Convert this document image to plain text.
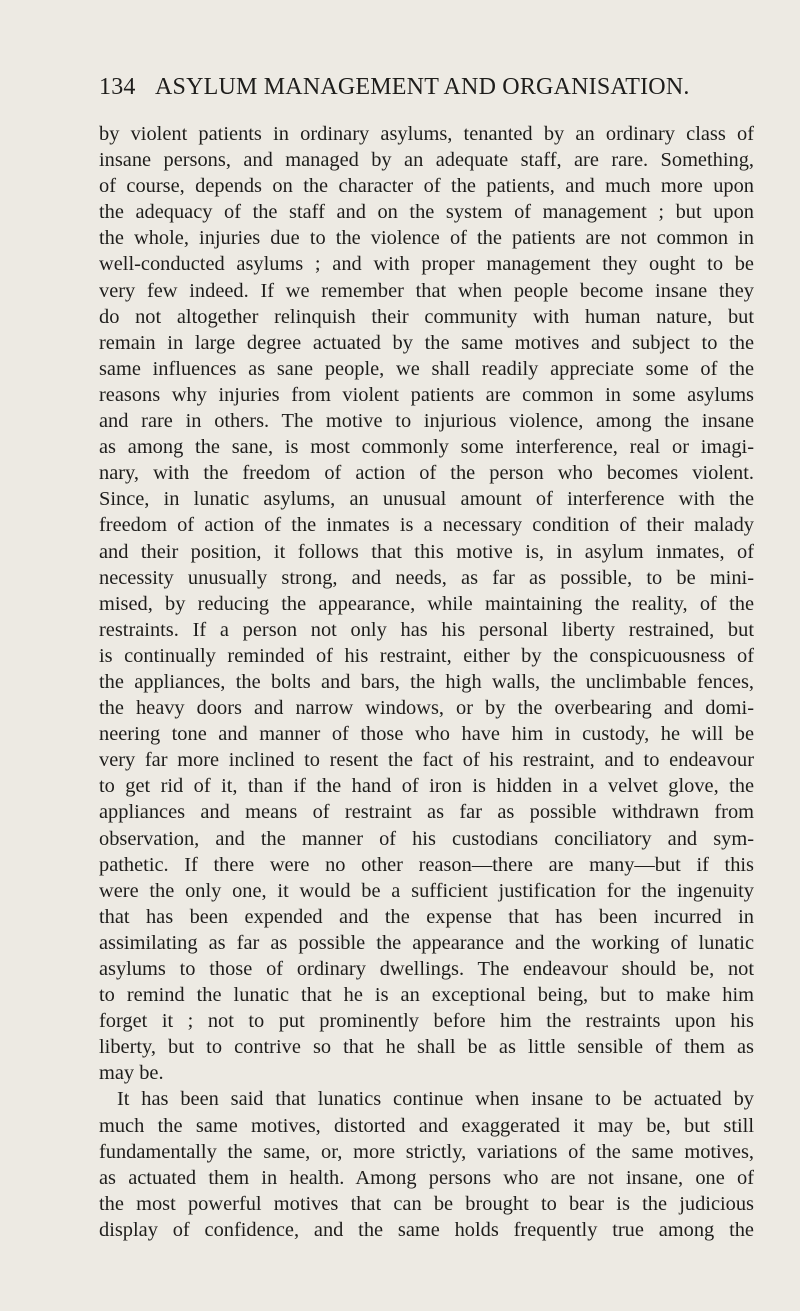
134 ASYLUM MANAGEMENT AND ORGANISATION.
by violent patients in ordinary asylums, tenanted by an ordinary class of
insane persons, and managed by an adequate staff, are rare. Something,
of course, depends on the character of the patients, and much more upon
the adequacy of the staff and on the system of management ; but upon
the whole, injuries due to the violence of the patients are not common in
well-conducted asylums ; and with proper management they ought to be
very few indeed. If we remember that when people become insane they
do not altogether relinquish their community with human nature, but
remain in large degree actuated by the same motives and subject to the
same influences as sane people, we shall readily appreciate some of the
reasons why injuries from violent patients are common in some asylums
and rare in others. The motive to injurious violence, among the insane
as among the sane, is most commonly some interference, real or imagi-
nary, with the freedom of action of the person who becomes violent.
Since, in lunatic asylums, an unusual amount of interference with the
freedom of action of the inmates is a necessary condition of their malady
and their position, it follows that this motive is, in asylum inmates, of
necessity unusually strong, and needs, as far as possible, to be mini-
mised, by reducing the appearance, while maintaining the reality, of the
restraints. If a person not only has his personal liberty restrained, but
is continually reminded of his restraint, either by the conspicuousness of
the appliances, the bolts and bars, the high walls, the unclimbable fences,
the heavy doors and narrow windows, or by the overbearing and domi-
neering tone and manner of those who have him in custody, he will be
very far more inclined to resent the fact of his restraint, and to endeavour
to get rid of it, than if the hand of iron is hidden in a velvet glove, the
appliances and means of restraint as far as possible withdrawn from
observation, and the manner of his custodians conciliatory and sym-
pathetic. If there were no other reason—there are many—but if this
were the only one, it would be a sufficient justification for the ingenuity
that has been expended and the expense that has been incurred in
assimilating as far as possible the appearance and the working of lunatic
asylums to those of ordinary dwellings. The endeavour should be, not
to remind the lunatic that he is an exceptional being, but to make him
forget it ; not to put prominently before him the restraints upon his
liberty, but to contrive so that he shall be as little sensible of them as
may be.
It has been said that lunatics continue when insane to be actuated by
much the same motives, distorted and exaggerated it may be, but still
fundamentally the same, or, more strictly, variations of the same motives,
as actuated them in health. Among persons who are not insane, one of
the most powerful motives that can be brought to bear is the judicious
display of confidence, and the same holds frequently true among the
